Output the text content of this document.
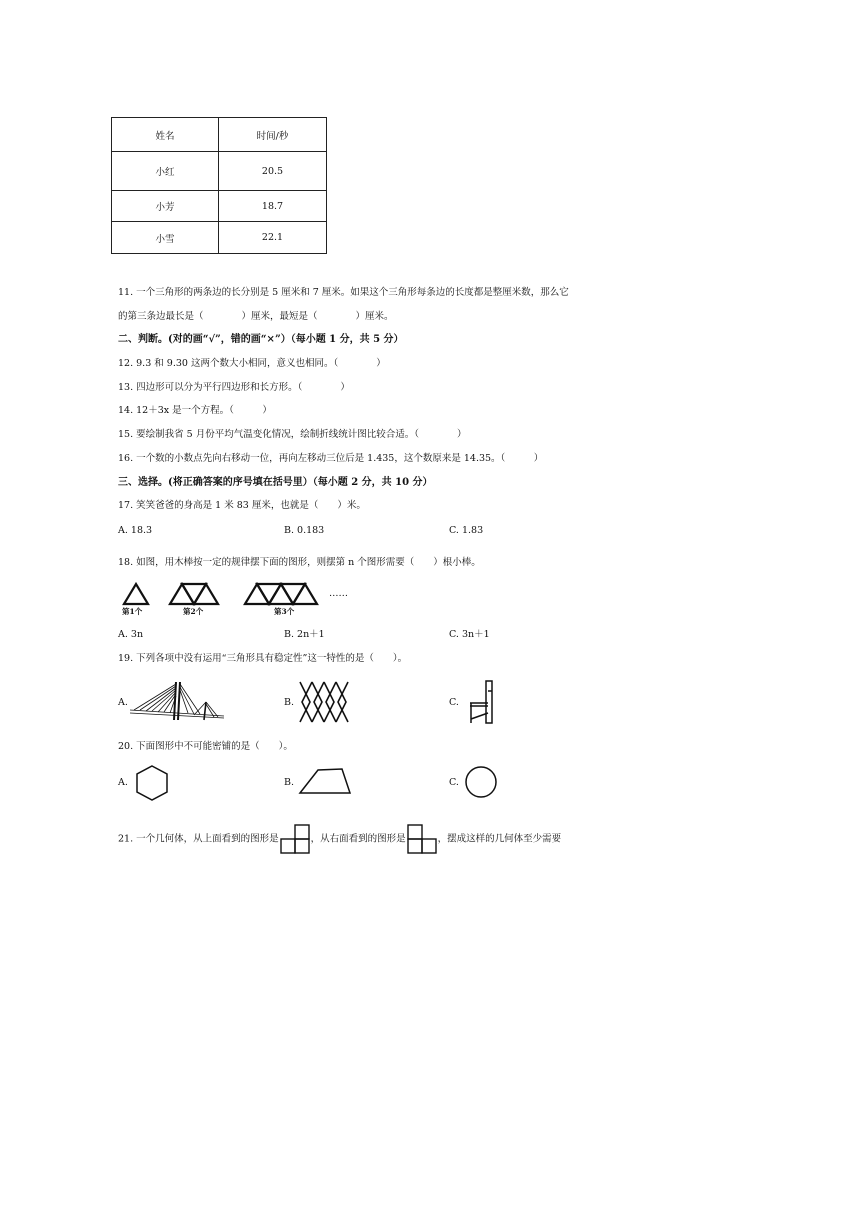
姓名	时间/秒
小红	20.5
小芳	18.7
小雪	22.1
11. 一个三角形的两条边的长分别是 5 厘米和 7 厘米。如果这个三角形每条边的长度都是整厘米数，那么它
的第三条边最长是（　　　　）厘米，最短是（　　　　）厘米。
二、判断。(对的画“√”，错的画“×”）（每小题 1 分，共 5 分）
12. 9.3 和 9.30 这两个数大小相同，意义也相同。（　　　　）
13. 四边形可以分为平行四边形和长方形。（　　　　）
14. 12＋3x 是一个方程。（　　　）
15. 要绘制我省 5 月份平均气温变化情况，绘制折线统计图比较合适。（　　　　）
16. 一个数的小数点先向右移动一位，再向左移动三位后是 1.435，这个数原来是 14.35。（　　　）
三、选择。(将正确答案的序号填在括号里）（每小题 2 分，共 10 分）
17. 笑笑爸爸的身高是 1 米 83 厘米，也就是（　　）米。
A. 18.3	B. 0.183	C. 1.83
18. 如图，用木棒按一定的规律摆下面的图形，则摆第 n 个图形需要（　　）根小棒。
第1个	第2个	第3个
……
A. 3n	B. 2n＋1	C. 3n＋1
19. 下列各项中没有运用“三角形具有稳定性”这一特性的是（　　）。
A.	B.	C.
20. 下面图形中不可能密铺的是（　　）。
A.	B.	C.
21. 一个几何体，从上面看到的图形是	，从右面看到的图形是	，摆成这样的几何体至少需要
